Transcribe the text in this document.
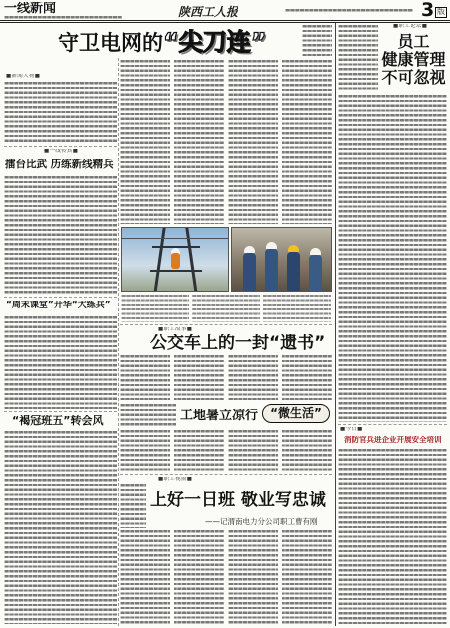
一线新闻	陕西工人报	3 版
守卫电网的“尖刀连”
■新闻人物■
■一线传真■
擂台比武 历练新线精兵
“周末课堂”升华“大练兵”
“褐冠班五”转会风
■职工故事■
公交车上的一封“遗书”
工地暑立凉行	“微生活”
■职工视窗■
上好一日班 敬业写忠诚
——记渭南电力分公司职工曹有刚
■职工论坛■
员工
健康管理
不可忽视
■今日■
消防官兵进企业开展安全培训
